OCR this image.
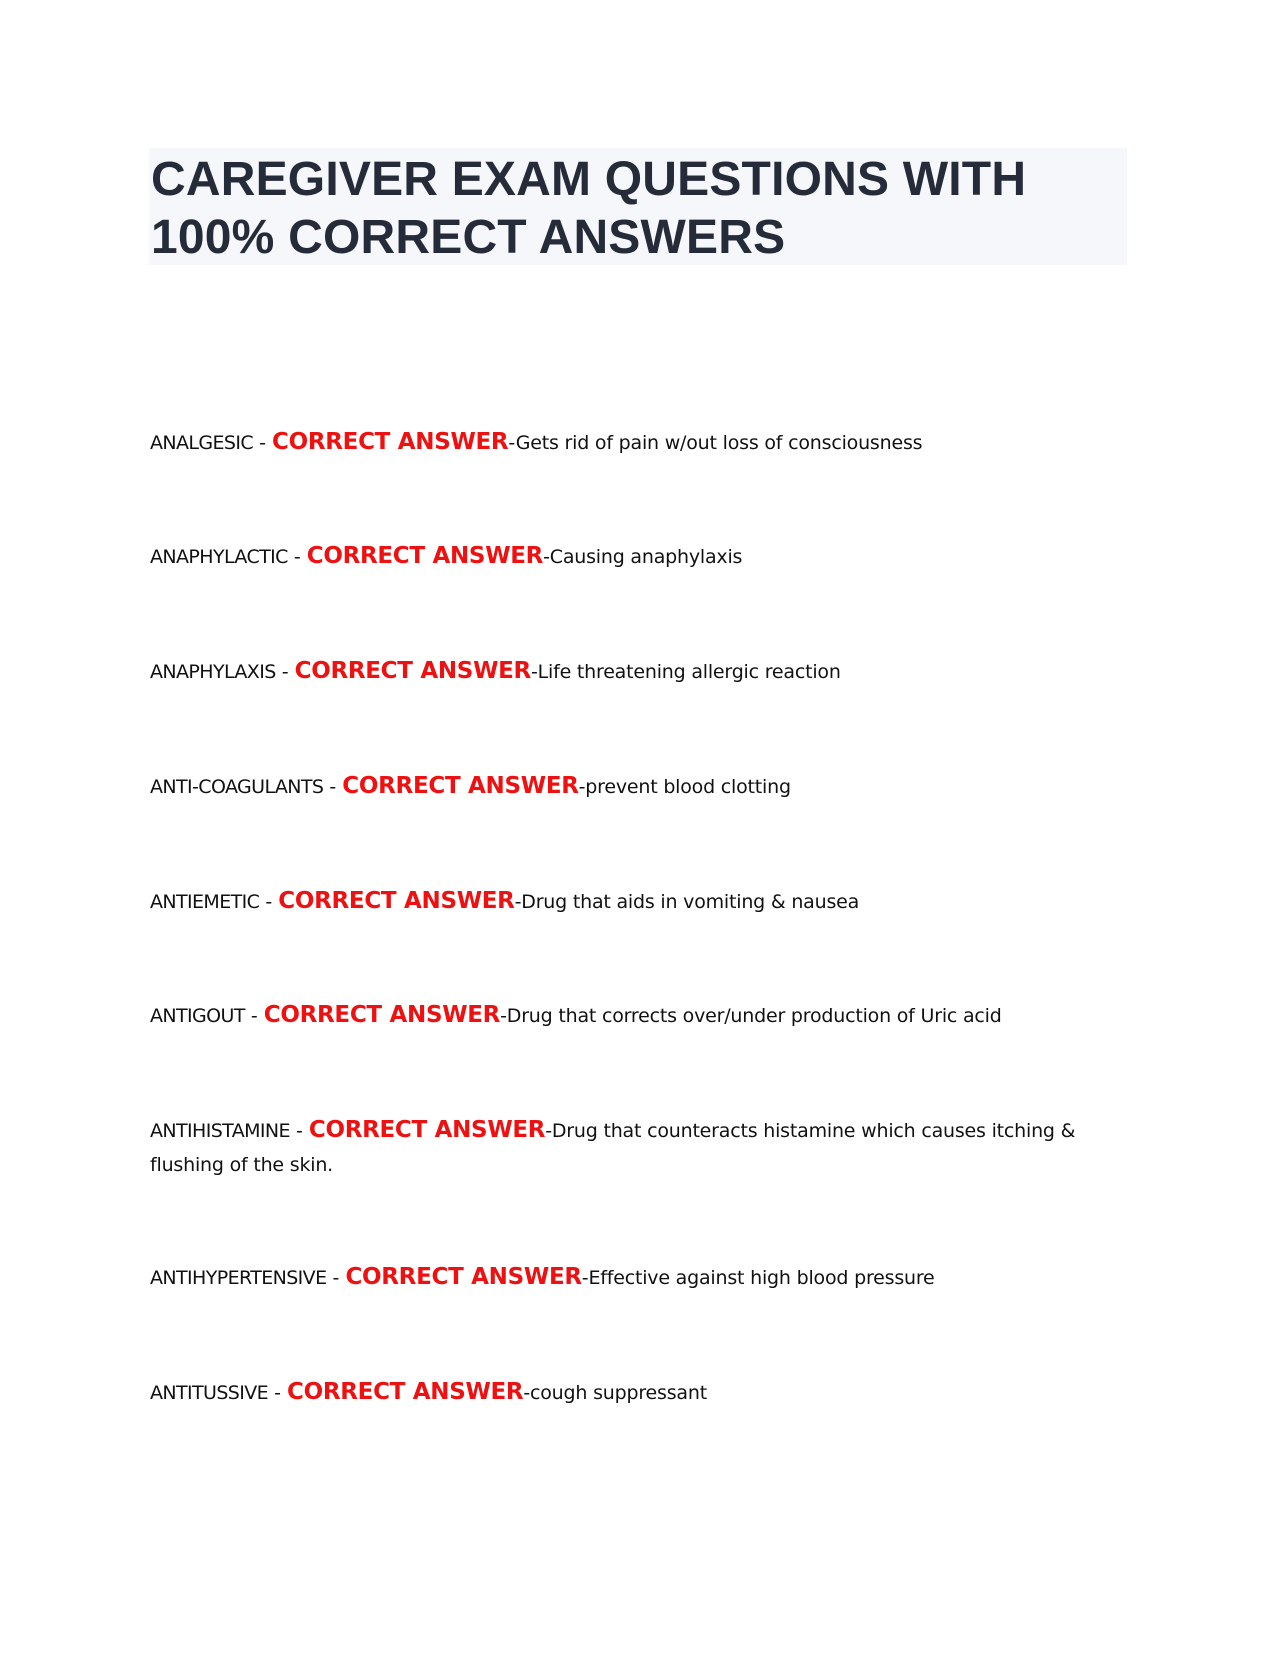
CAREGIVER EXAM QUESTIONS WITH
100% CORRECT ANSWERS
ANALGESIC - CORRECT ANSWER-Gets rid of pain w/out loss of consciousness
ANAPHYLACTIC - CORRECT ANSWER-Causing anaphylaxis
ANAPHYLAXIS - CORRECT ANSWER-Life threatening allergic reaction
ANTI-COAGULANTS - CORRECT ANSWER-prevent blood clotting
ANTIEMETIC - CORRECT ANSWER-Drug that aids in vomiting & nausea
ANTIGOUT - CORRECT ANSWER-Drug that corrects over/under production of Uric acid
ANTIHISTAMINE - CORRECT ANSWER-Drug that counteracts histamine which causes itching & flushing of the skin.
ANTIHYPERTENSIVE - CORRECT ANSWER-Effective against high blood pressure
ANTITUSSIVE - CORRECT ANSWER-cough suppressant
